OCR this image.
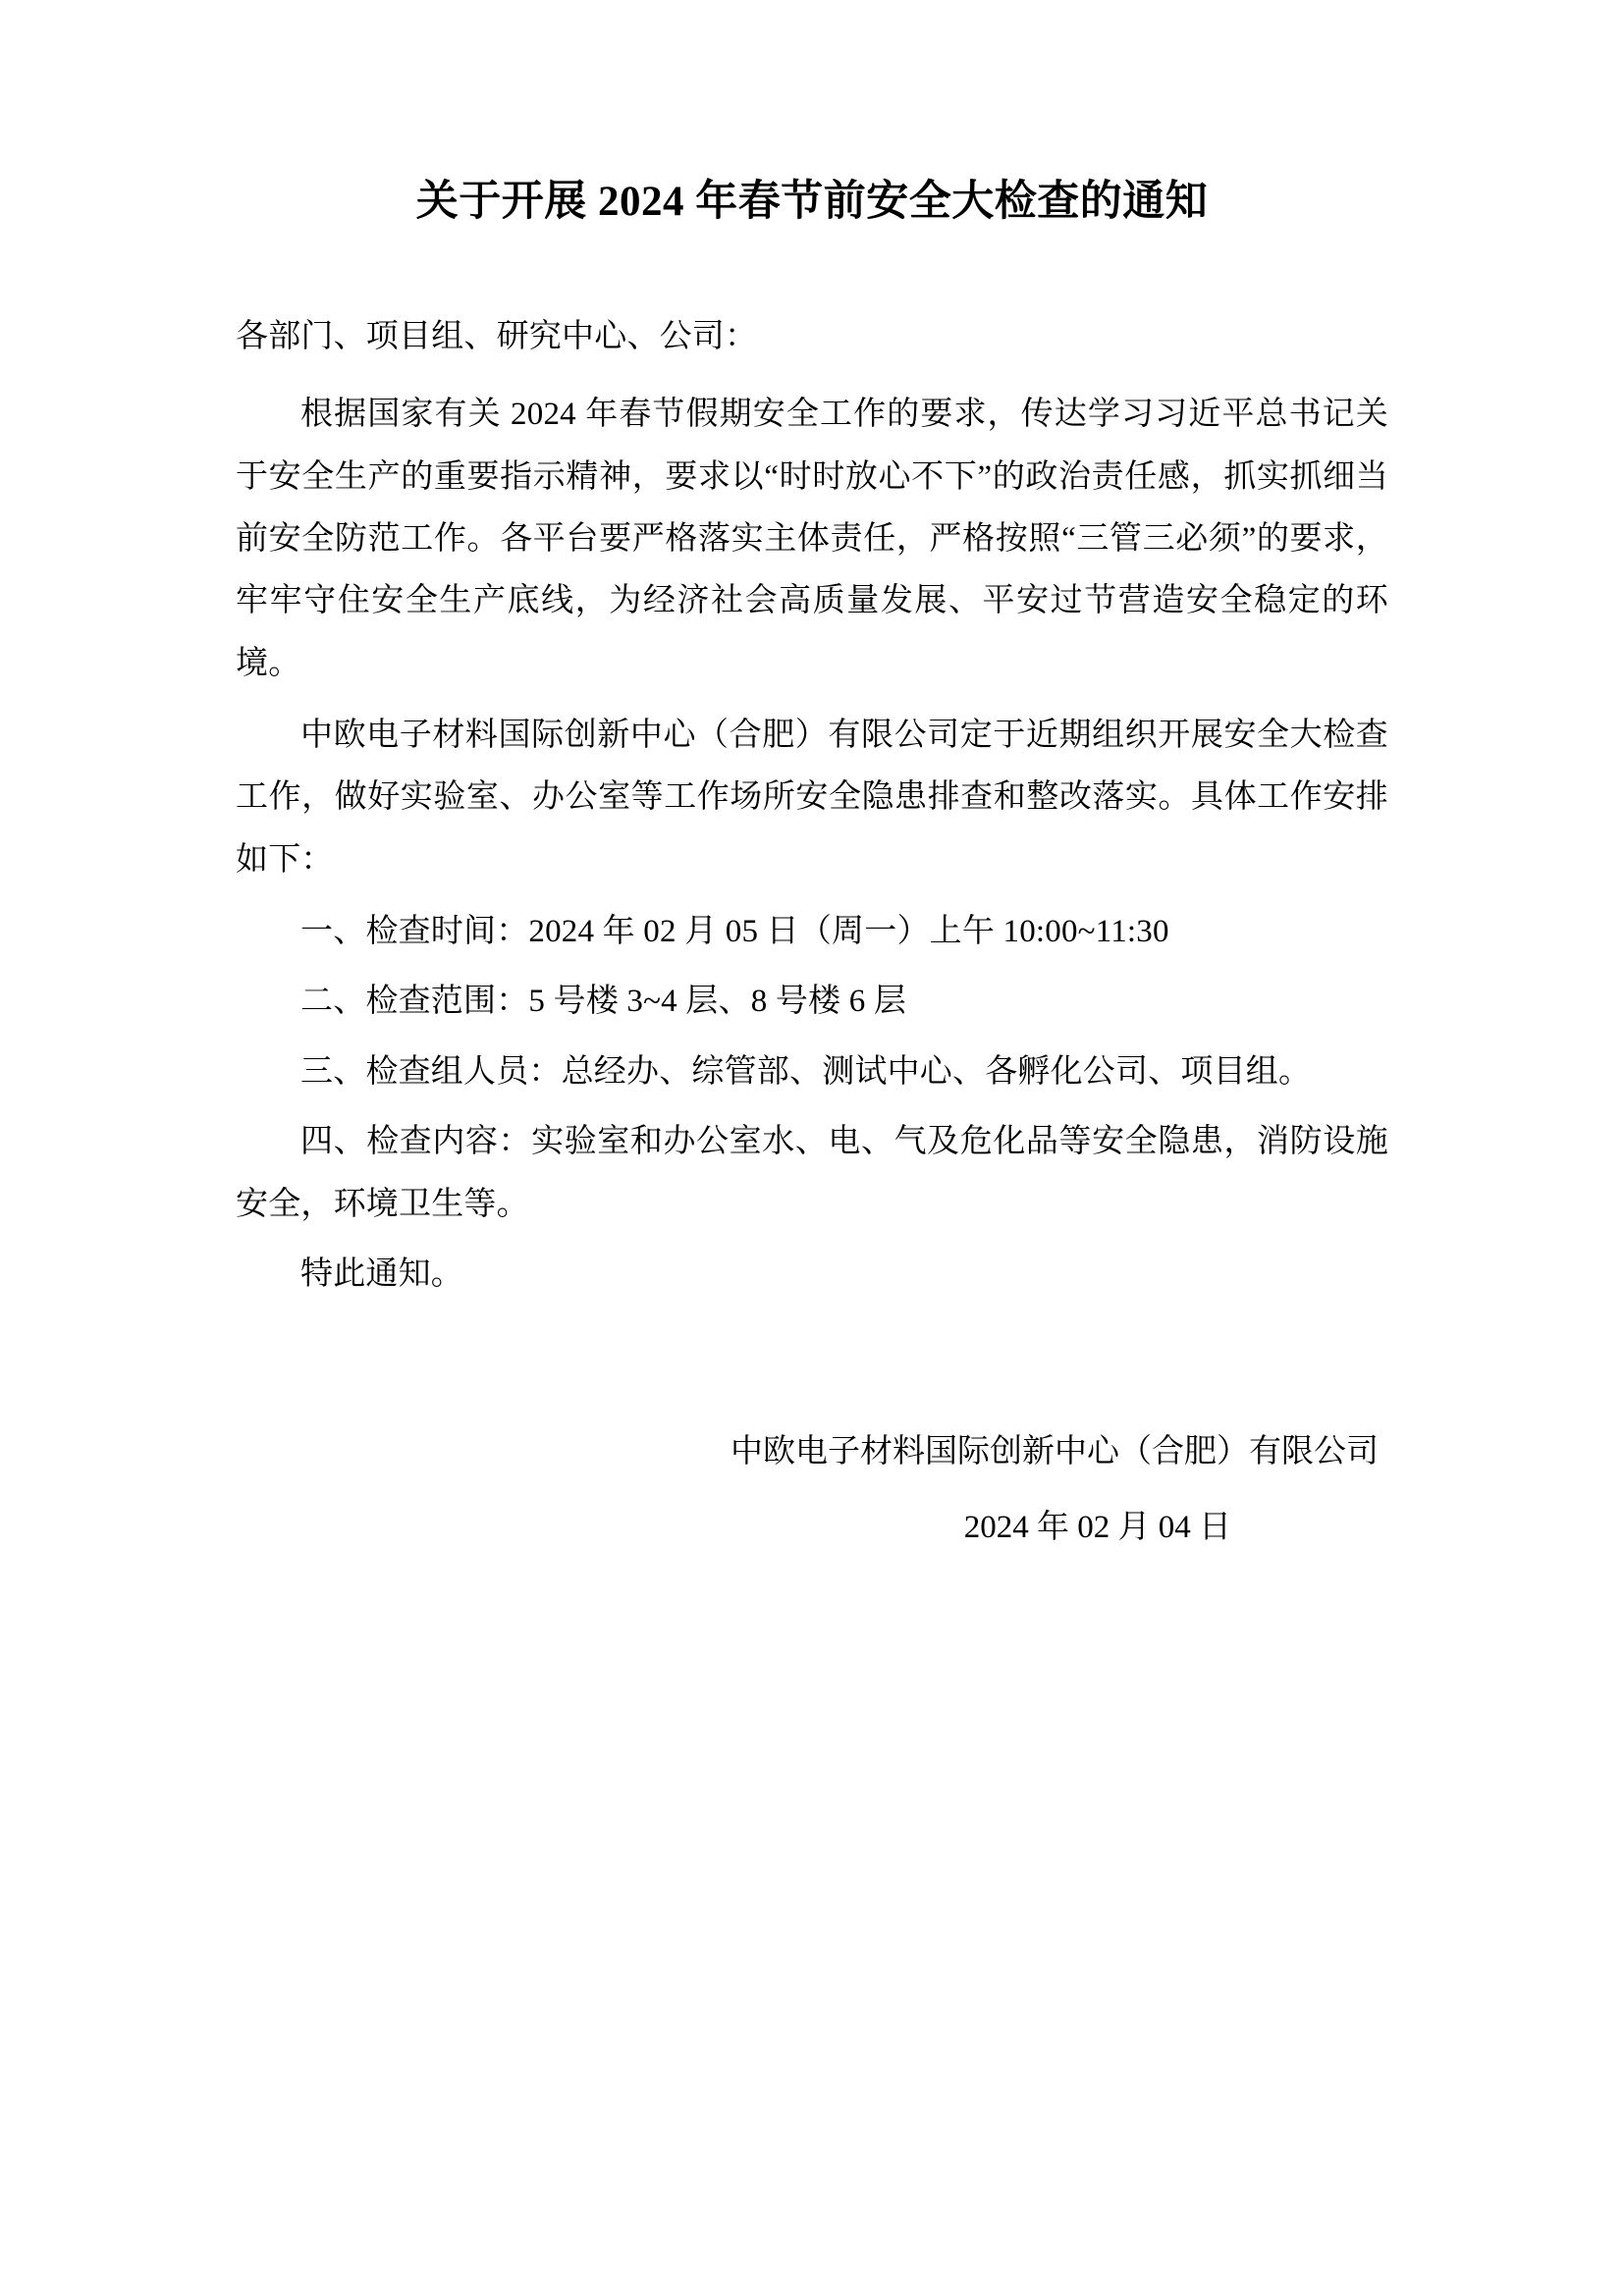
关于开展 2024 年春节前安全大检查的通知

各部门、项目组、研究中心、公司：

根据国家有关 2024 年春节假期安全工作的要求，传达学习习近平总书记关于安全生产的重要指示精神，要求以“时时放心不下”的政治责任感，抓实抓细当前安全防范工作。各平台要严格落实主体责任，严格按照“三管三必须”的要求，牢牢守住安全生产底线，为经济社会高质量发展、平安过节营造安全稳定的环境。

中欧电子材料国际创新中心（合肥）有限公司定于近期组织开展安全大检查工作，做好实验室、办公室等工作场所安全隐患排查和整改落实。具体工作安排如下：

一、检查时间：2024 年 02 月 05 日（周一）上午 10:00~11:30

二、检查范围：5 号楼 3~4 层、8 号楼 6 层

三、检查组人员：总经办、综管部、测试中心、各孵化公司、项目组。

四、检查内容：实验室和办公室水、电、气及危化品等安全隐患，消防设施安全，环境卫生等。

特此通知。

中欧电子材料国际创新中心（合肥）有限公司

2024 年 02 月 04 日
